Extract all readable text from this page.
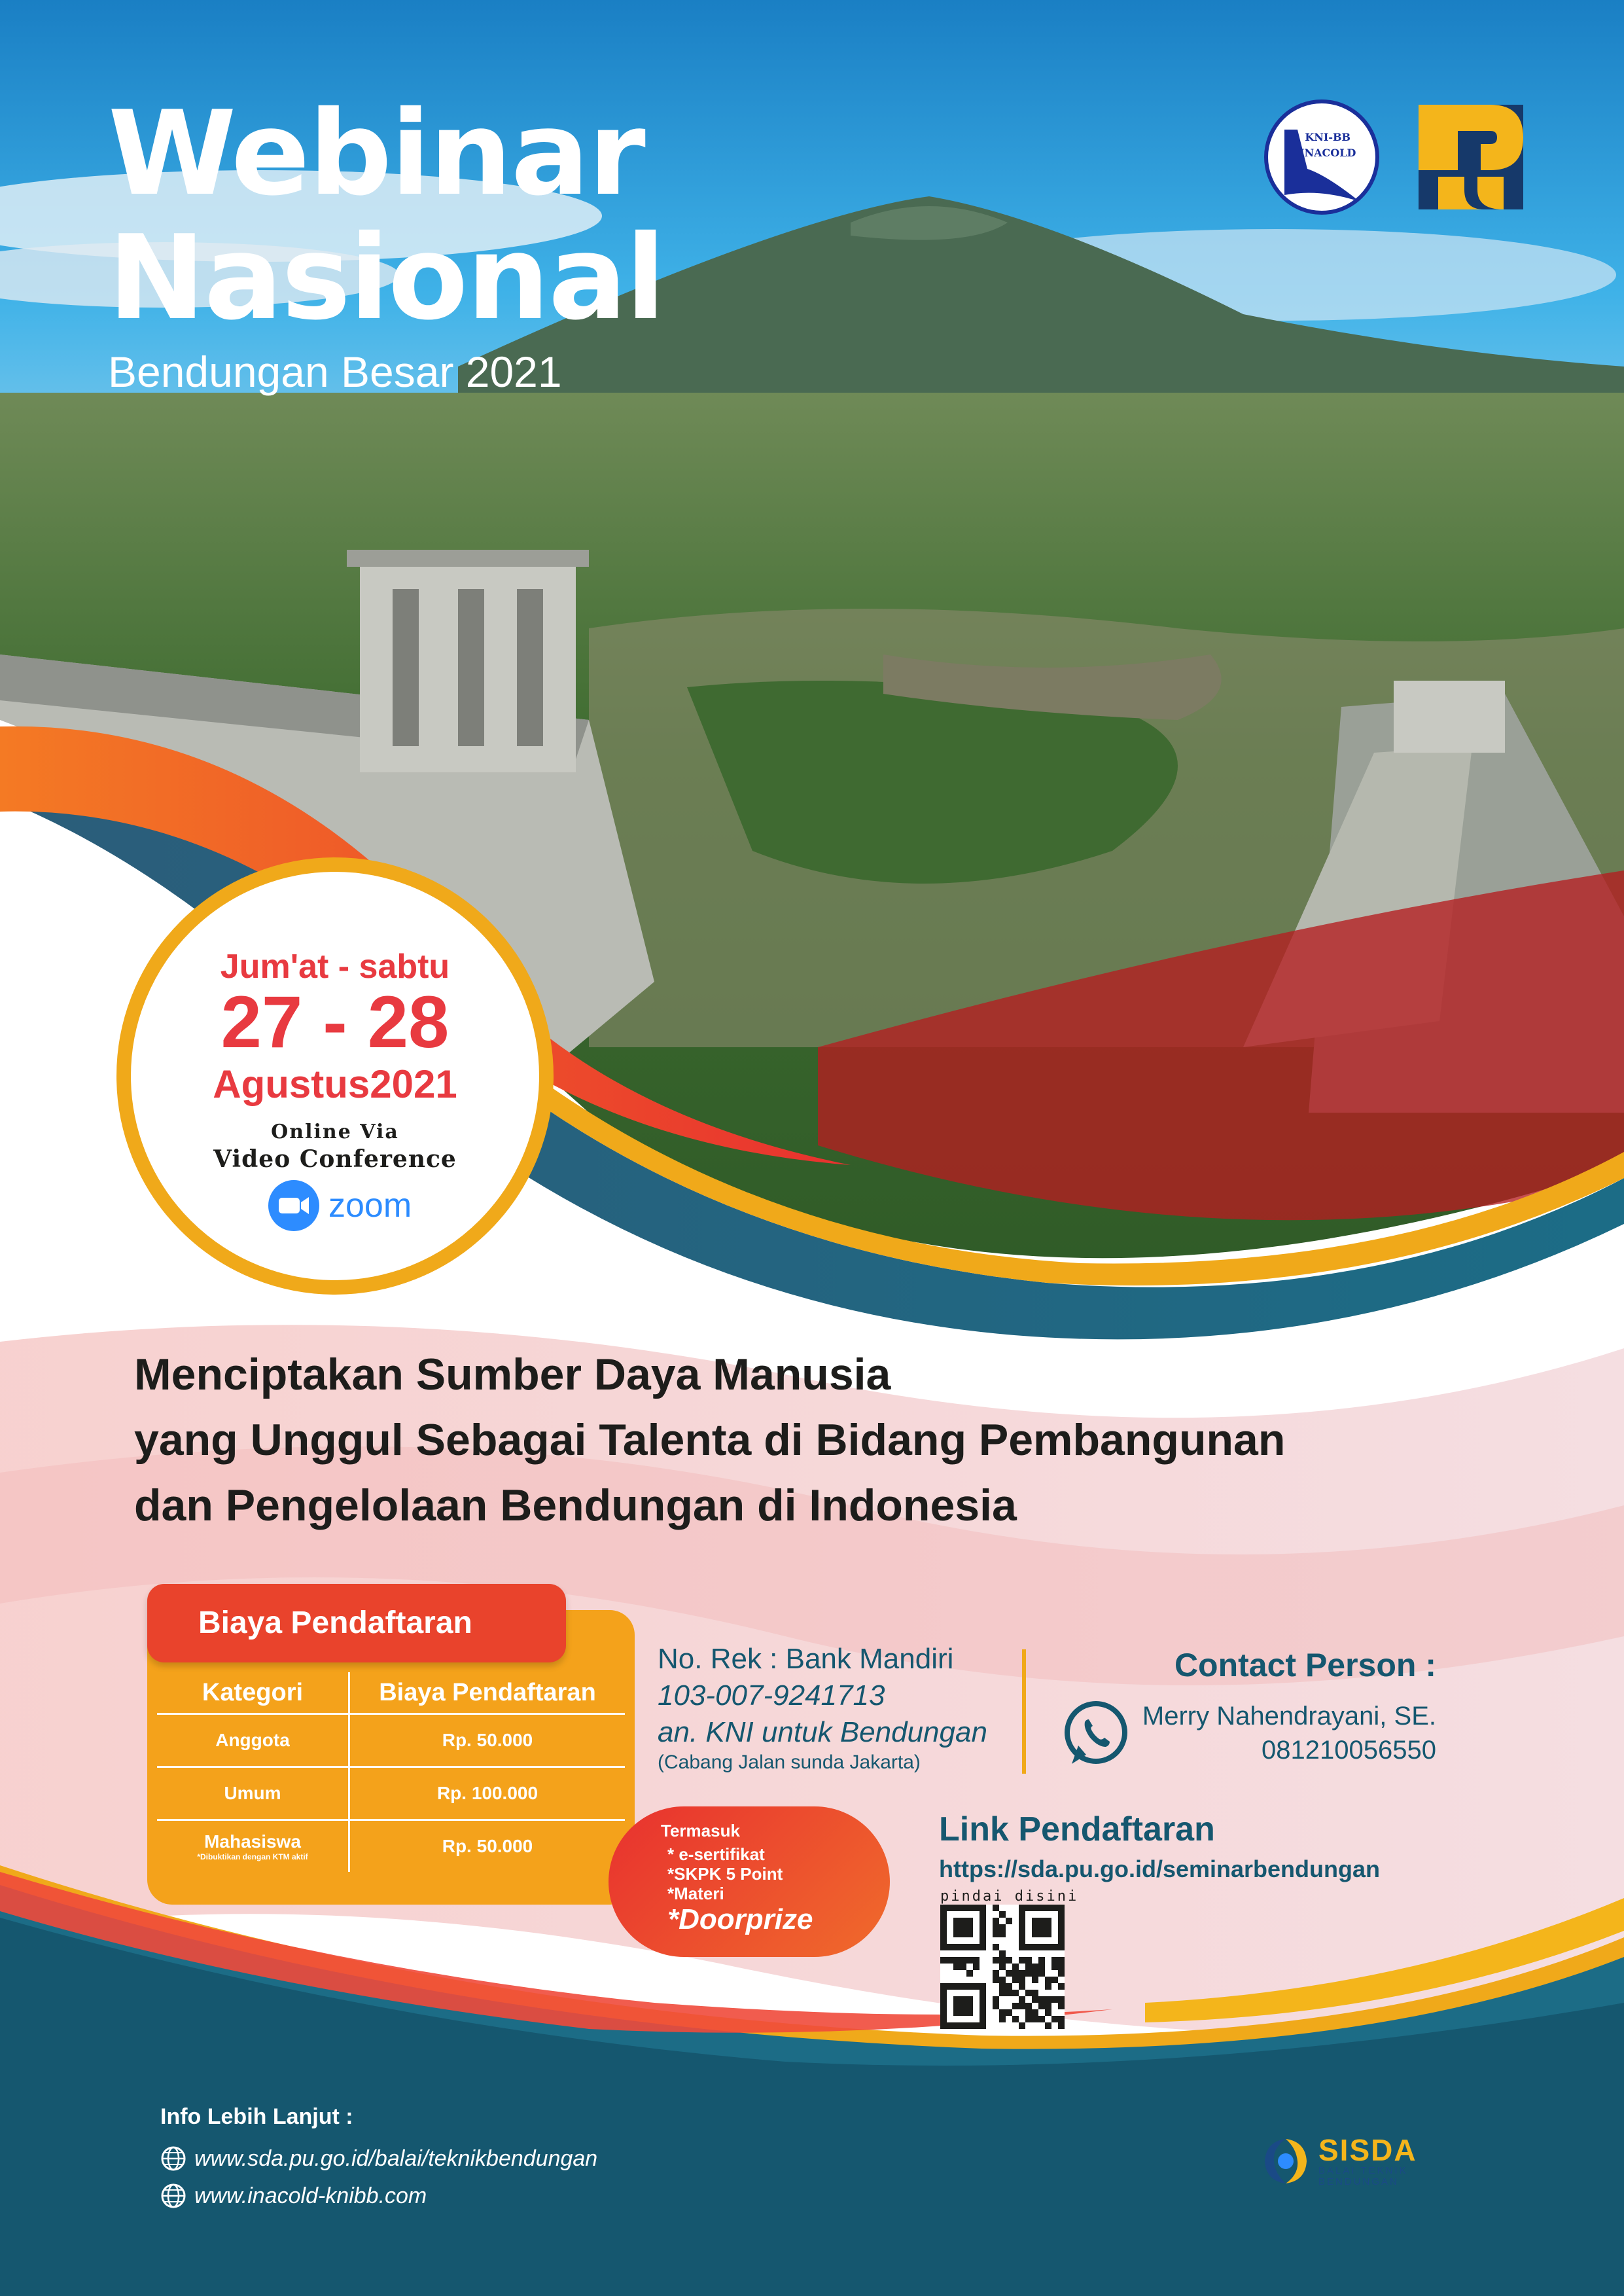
KNI-BB
INACOLD
Webinar
Nasional
Bendungan Besar 2021
Jum'at - sabtu
27 - 28
Agustus2021
Online Via
Video Conference
zoom
Menciptakan Sumber Daya Manusia
yang Unggul Sebagai Talenta di Bidang Pembangunan
dan Pengelolaan Bendungan di Indonesia
Biaya Pendaftaran
Kategori	Biaya Pendaftaran
Anggota	Rp. 50.000
Umum	Rp. 100.000
Mahasiswa
*Dibuktikan dengan KTM aktif	Rp. 50.000
No. Rek : Bank Mandiri
103-007-9241713
an. KNI untuk Bendungan
(Cabang Jalan sunda Jakarta)
Contact Person :
Merry Nahendrayani, SE.
081210056550
Termasuk
* e-sertifikat
*SKPK 5 Point
*Materi
*Doorprize
Link Pendaftaran
https://sda.pu.go.id/seminarbendungan
pindai disini
Info Lebih Lanjut :
www.sda.pu.go.id/balai/teknikbendungan
www.inacold-knibb.com
SISDA
BALAI TEKNIK
BENDUNGAN
